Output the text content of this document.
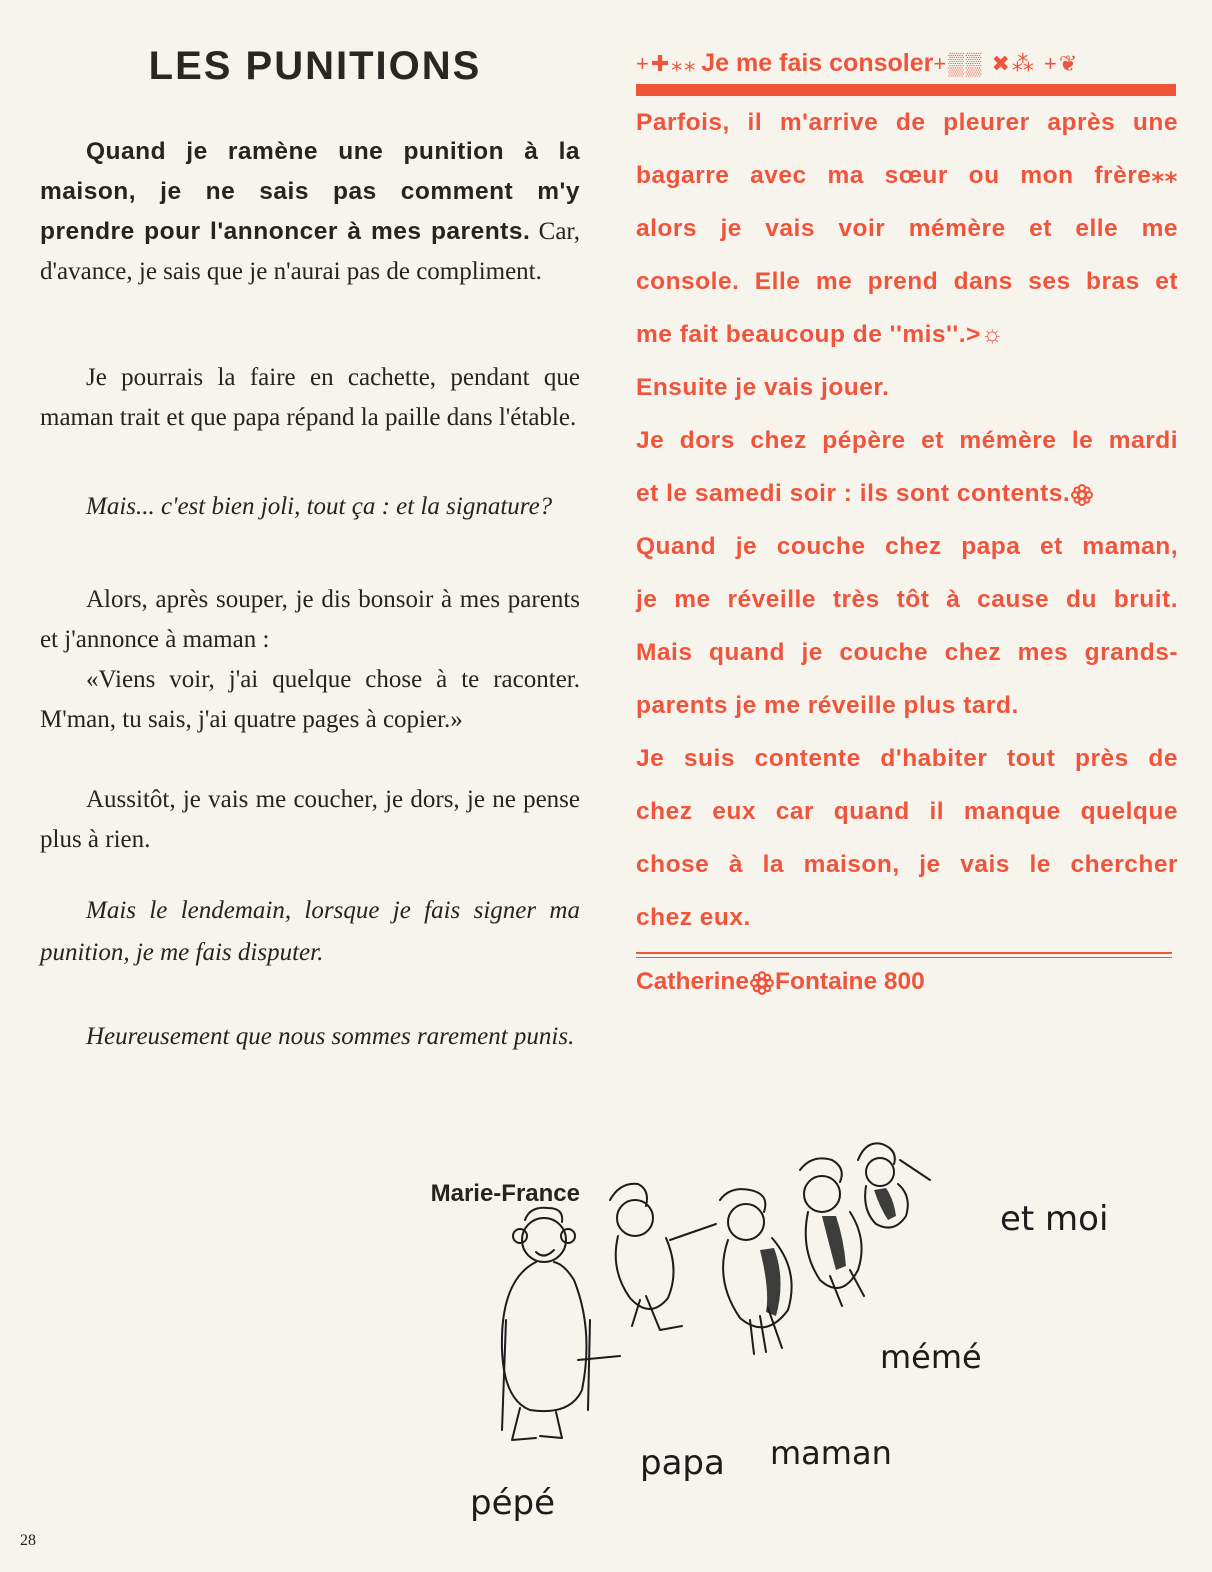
LES PUNITIONS

Quand je ramène une punition à la maison, je ne sais pas comment m'y prendre pour l'annoncer à mes parents. Car, d'avance, je sais que je n'aurai pas de compliment.

Je pourrais la faire en cachette, pendant que maman trait et que papa répand la paille dans l'étable.

Mais... c'est bien joli, tout ça : et la signature?

Alors, après souper, je dis bonsoir à mes parents et j'annonce à maman :

«Viens voir, j'ai quelque chose à te raconter. M'man, tu sais, j'ai quatre pages à copier.»

Aussitôt, je vais me coucher, je dors, je ne pense plus à rien.

Mais le lendemain, lorsque je fais signer ma punition, je me fais disputer.

Heureusement que nous sommes rarement punis.

Marie-France

+✚⁎⁎ Je me fais consoler+▒▒ ✖⁂ +❦

Parfois, il m'arrive de pleurer après une

bagarre avec ma sœur ou mon frère⁎⁎

alors je vais voir mémère et elle me

console. Elle me prend dans ses bras et

me fait beaucoup de ''mis''.>☼

Ensuite je vais jouer.

Je dors chez pépère et mémère le mardi

et le samedi soir : ils sont contents.

Quand je couche chez papa et maman,

je me réveille très tôt à cause du bruit.

Mais quand je couche chez mes grands-

parents je me réveille plus tard.

Je suis contente d'habiter tout près de

chez eux car quand il manque quelque

chose à la maison, je vais le chercher

chez eux.

Catherine Fontaine 800
et moi
mémé
maman
papa
pépé
28
